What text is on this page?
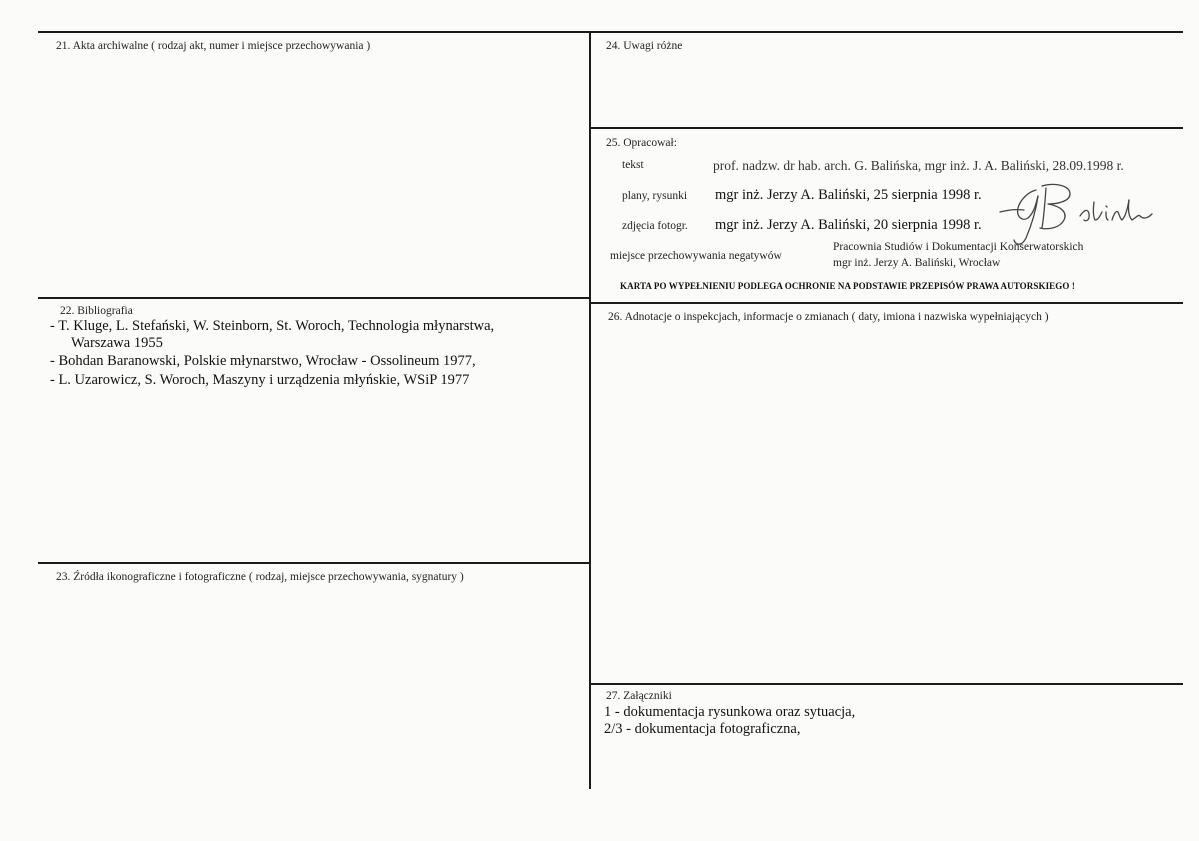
21. Akta archiwalne ( rodzaj akt, numer i miejsce przechowywania )
22. Bibliografia
- T. Kluge, L. Stefański, W. Steinborn, St. Woroch, Technologia młynarstwa,
Warszawa 1955
- Bohdan Baranowski, Polskie młynarstwo, Wrocław - Ossolineum 1977,
- L. Uzarowicz, S. Woroch, Maszyny i urządzenia młyńskie, WSiP 1977
23. Źródła ikonograficzne i fotograficzne ( rodzaj, miejsce przechowywania, sygnatury )
24. Uwagi różne
25. Opracował:
tekst	prof. nadzw. dr hab. arch. G. Balińska, mgr inż. J. A. Baliński, 28.09.1998 r.
plany, rysunki mgr inż. Jerzy A. Baliński, 25 sierpnia 1998 r.
zdjęcia fotogr. mgr inż. Jerzy A. Baliński, 20 sierpnia 1998 r.
miejsce przechowywania negatywów
Pracownia Studiów i Dokumentacji Konserwatorskich
mgr inż. Jerzy A. Baliński, Wrocław
KARTA PO WYPEŁNIENIU PODLEGA OCHRONIE NA PODSTAWIE PRZEPISÓW PRAWA AUTORSKIEGO !
26. Adnotacje o inspekcjach, informacje o zmianach ( daty, imiona i nazwiska wypełniających )
27. Załączniki
1 - dokumentacja rysunkowa oraz sytuacja,
2/3 - dokumentacja fotograficzna,
